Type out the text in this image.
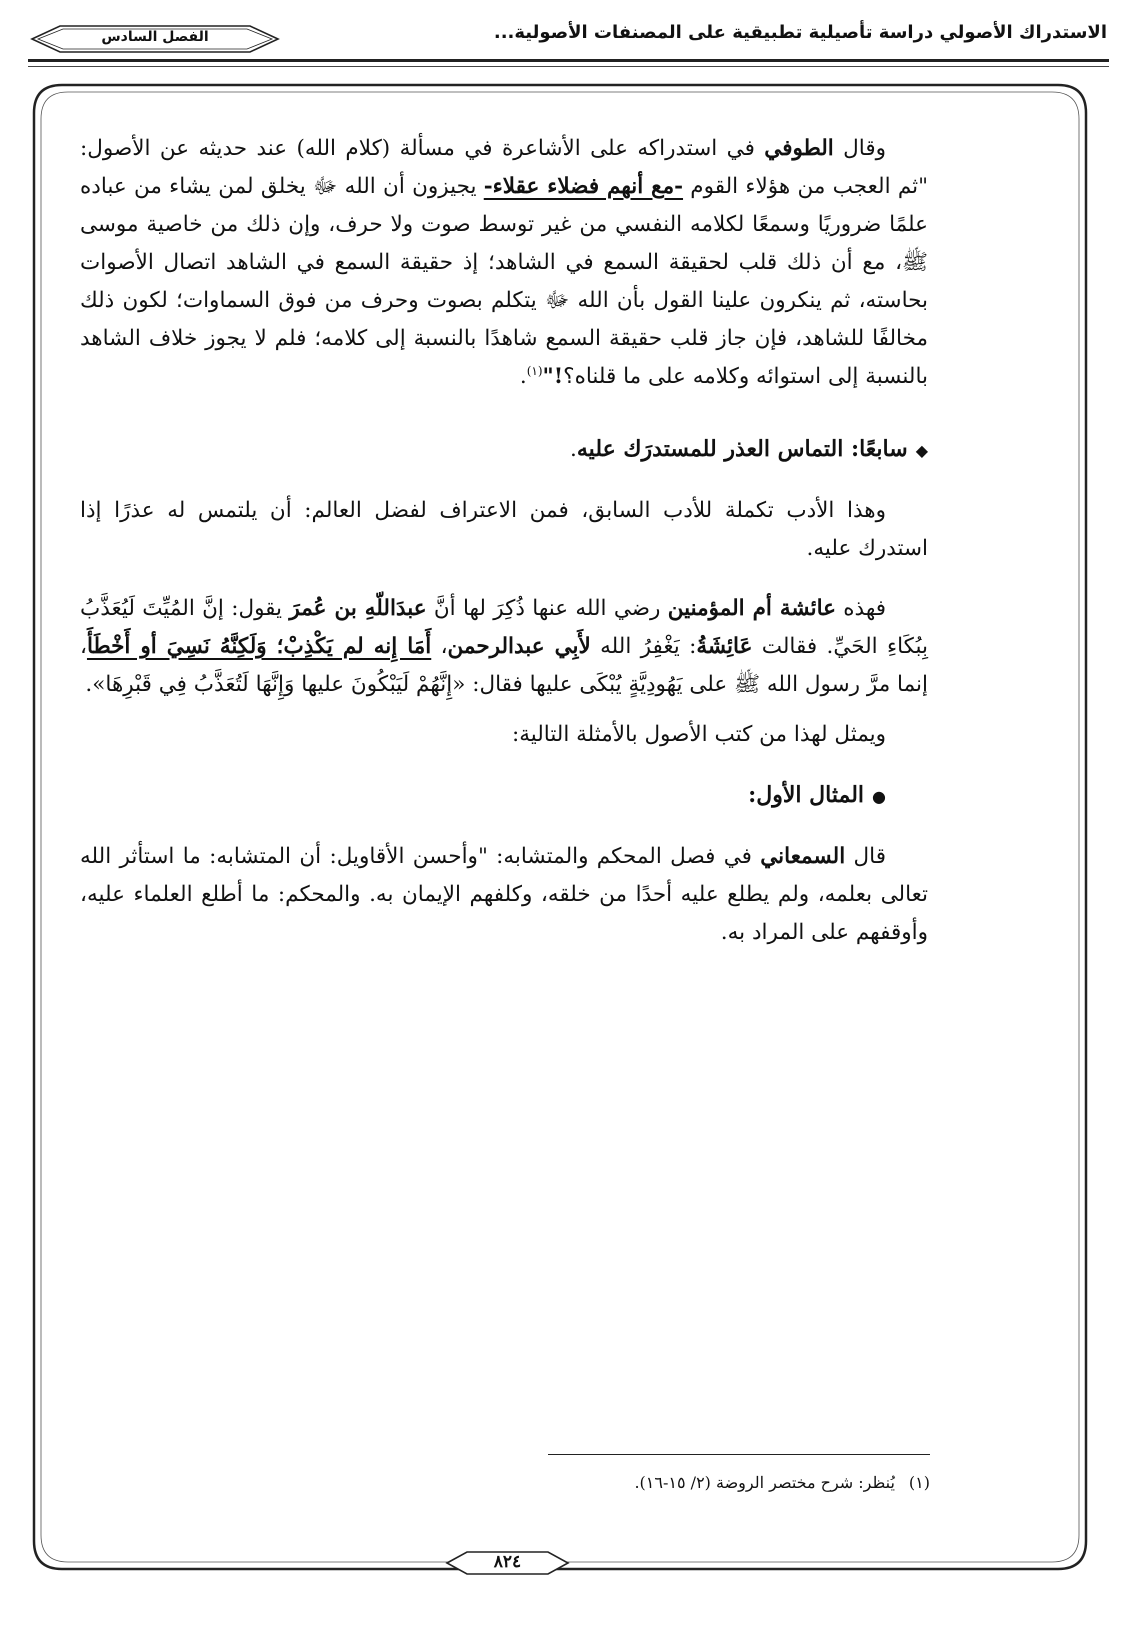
الاستدراك الأصولي دراسة تأصيلية تطبيقية على المصنفات الأصولية...
الفصل السادس

وقال الطوفي في استدراكه على الأشاعرة في مسألة (كلام الله) عند حديثه عن الأصول: "ثم العجب من هؤلاء القوم -مع أنهم فضلاء عقلاء- يجيزون أن الله ﷻ يخلق لمن يشاء من عباده علمًا ضروريًا وسمعًا لكلامه النفسي من غير توسط صوت ولا حرف، وإن ذلك من خاصية موسى ﷺ، مع أن ذلك قلب لحقيقة السمع في الشاهد؛ إذ حقيقة السمع في الشاهد اتصال الأصوات بحاسته، ثم ينكرون علينا القول بأن الله ﷻ يتكلم بصوت وحرف من فوق السماوات؛ لكون ذلك مخالفًا للشاهد، فإن جاز قلب حقيقة السمع شاهدًا بالنسبة إلى كلامه؛ فلم لا يجوز خلاف الشاهد بالنسبة إلى استوائه وكلامه على ما قلناه؟!"$^{(١)}$.

◆سابعًا: التماس العذر للمستدرَك عليه.

وهذا الأدب تكملة للأدب السابق، فمن الاعتراف لفضل العالم: أن يلتمس له عذرًا إذا استدرك عليه.

فهذه عائشة أم المؤمنين رضي الله عنها ذُكِرَ لها أنَّ عبدَاللّهِ بن عُمرَ يقول: إنَّ المُيِّتَ لَيُعَذَّبُ بِبُكَاءِ الحَيِّ. فقالت عَائِشَةُ: يَغْفِرُ الله لأَبِي عبدالرحمن، أَمَا إِنه لم يَكْذِبْ؛ وَلَكِنَّهُ نَسِيَ أو أَخْطَأَ، إنما مرَّ رسول الله ﷺ على يَهُودِيَّةٍ يُبْكَى عليها فقال: «إِنَّهُمْ لَيَبْكُونَ عليها وَإِنَّهَا لَتُعَذَّبُ فِي قَبْرِهَا».

ويمثل لهذا من كتب الأصول بالأمثلة التالية:

●المثال الأول:

قال السمعاني في فصل المحكم والمتشابه: "وأحسن الأقاويل: أن المتشابه: ما استأثر الله تعالى بعلمه، ولم يطلع عليه أحدًا من خلقه، وكلفهم الإيمان به. والمحكم: ما أطلع العلماء عليه، وأوقفهم على المراد به.

(١)يُنظر: شرح مختصر الروضة (٢/ ١٥-١٦).
٨٢٤
